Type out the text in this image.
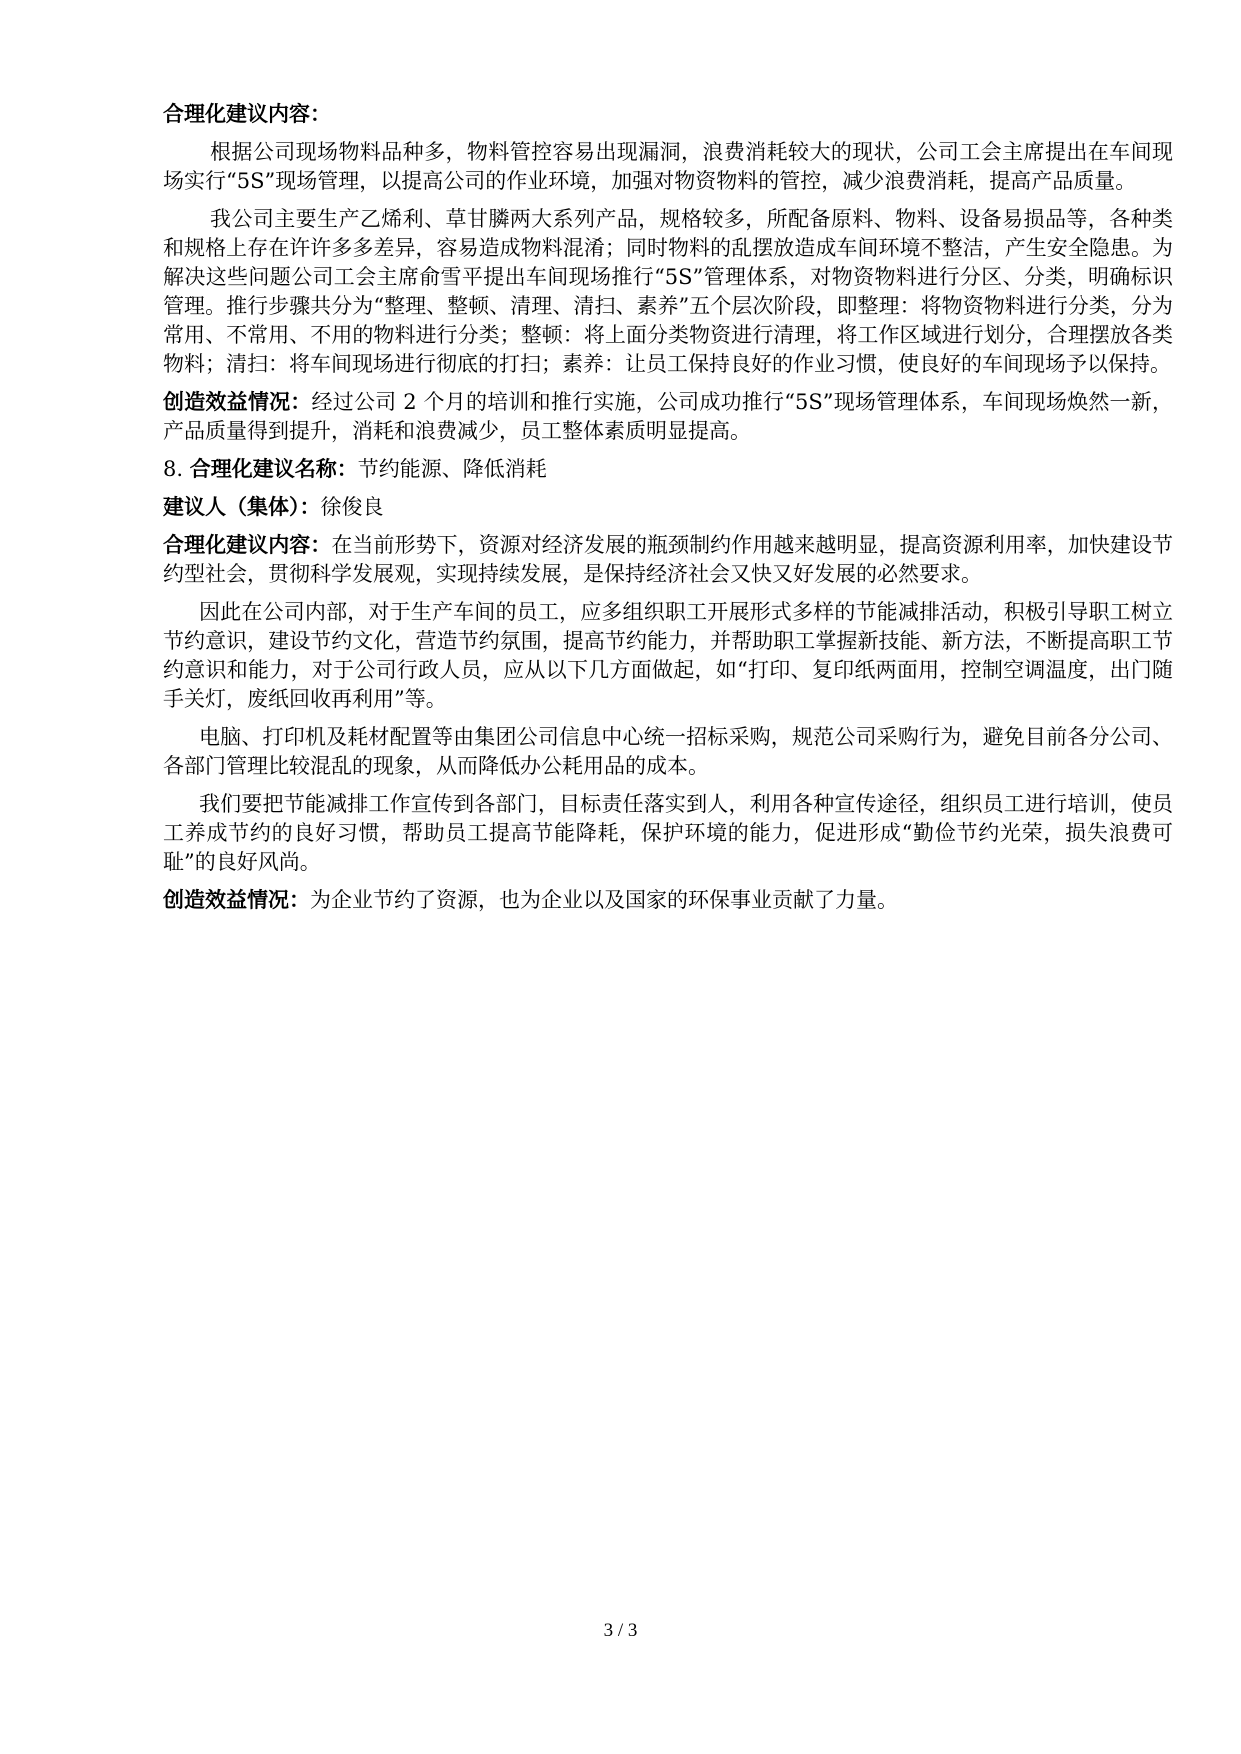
合理化建议内容：

根据公司现场物料品种多，物料管控容易出现漏洞，浪费消耗较大的现状，公司工会主席提出在车间现场实行“5S”现场管理，以提高公司的作业环境，加强对物资物料的管控，减少浪费消耗，提高产品质量。

我公司主要生产乙烯利、草甘膦两大系列产品，规格较多，所配备原料、物料、设备易损品等，各种类和规格上存在许许多多差异，容易造成物料混淆；同时物料的乱摆放造成车间环境不整洁，产生安全隐患。为解决这些问题公司工会主席俞雪平提出车间现场推行“5S”管理体系，对物资物料进行分区、分类，明确标识管理。推行步骤共分为“整理、整顿、清理、清扫、素养”五个层次阶段，即整理：将物资物料进行分类，分为常用、不常用、不用的物料进行分类；整顿：将上面分类物资进行清理，将工作区域进行划分，合理摆放各类物料；清扫：将车间现场进行彻底的打扫；素养：让员工保持良好的作业习惯，使良好的车间现场予以保持。

创造效益情况：经过公司 2 个月的培训和推行实施，公司成功推行“5S”现场管理体系，车间现场焕然一新，产品质量得到提升，消耗和浪费减少，员工整体素质明显提高。

8. 合理化建议名称：节约能源、降低消耗

建议人（集体）：徐俊良

合理化建议内容：在当前形势下，资源对经济发展的瓶颈制约作用越来越明显，提高资源利用率，加快建设节约型社会，贯彻科学发展观，实现持续发展，是保持经济社会又快又好发展的必然要求。

因此在公司内部，对于生产车间的员工，应多组织职工开展形式多样的节能减排活动，积极引导职工树立节约意识，建设节约文化，营造节约氛围，提高节约能力，并帮助职工掌握新技能、新方法，不断提高职工节约意识和能力，对于公司行政人员，应从以下几方面做起，如“打印、复印纸两面用，控制空调温度，出门随手关灯，废纸回收再利用”等。

电脑、打印机及耗材配置等由集团公司信息中心统一招标采购，规范公司采购行为，避免目前各分公司、各部门管理比较混乱的现象，从而降低办公耗用品的成本。

我们要把节能减排工作宣传到各部门，目标责任落实到人，利用各种宣传途径，组织员工进行培训，使员工养成节约的良好习惯，帮助员工提高节能降耗，保护环境的能力，促进形成“勤俭节约光荣，损失浪费可耻”的良好风尚。

创造效益情况：为企业节约了资源，也为企业以及国家的环保事业贡献了力量。

3 / 3
